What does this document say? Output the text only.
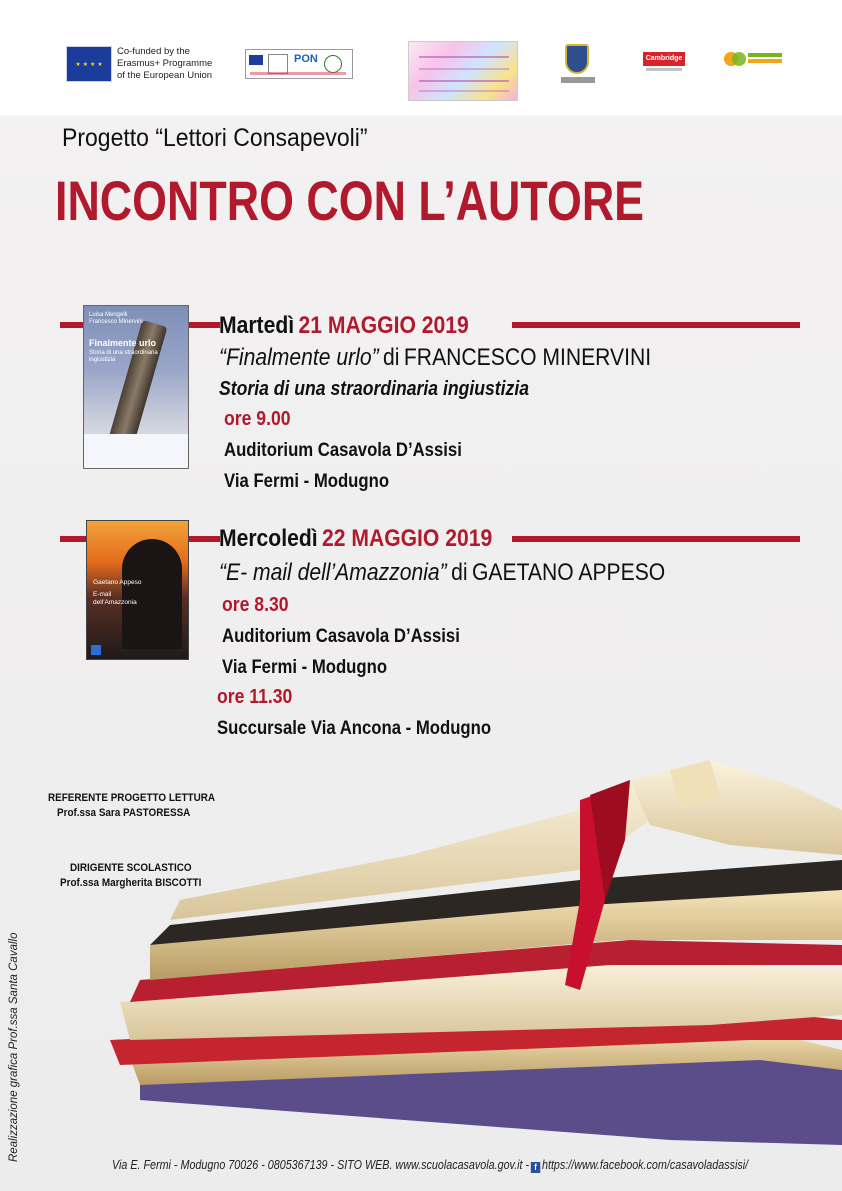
★ ★ ★ ★
Co-funded by the
Erasmus+ Programme
of the European Union
PON	Cambridge
Progetto “Lettori Consapevoli”
INCONTRO CON L’AUTORE
Luisa Mengelli
Francesco Minervini
Finalmente urlo
Storia di una straordinaria
ingiustizia
Martedì 21 MAGGIO 2019
“Finalmente urlo” di FRANCESCO MINERVINI
Storia di una straordinaria ingiustizia
ore 9.00
Auditorium Casavola D’Assisi
Via Fermi - Modugno
Gaetano Appeso
E-mail
dell’Amazzonia
Mercoledì 22 MAGGIO 2019
“E- mail dell’Amazzonia” di GAETANO APPESO
ore 8.30
Auditorium Casavola D’Assisi
Via Fermi - Modugno
ore 11.30
Succursale Via Ancona - Modugno
REFERENTE PROGETTO LETTURA
Prof.ssa Sara PASTORESSA
DIRIGENTE SCOLASTICO
Prof.ssa Margherita BISCOTTI
Realizzazione grafica Prof.ssa Santa Cavallo
Via E. Fermi - Modugno 70026 - 0805367139 - SITO WEB. www.scuolacasavola.gov.it - f https://www.facebook.com/casavoladassisi/
